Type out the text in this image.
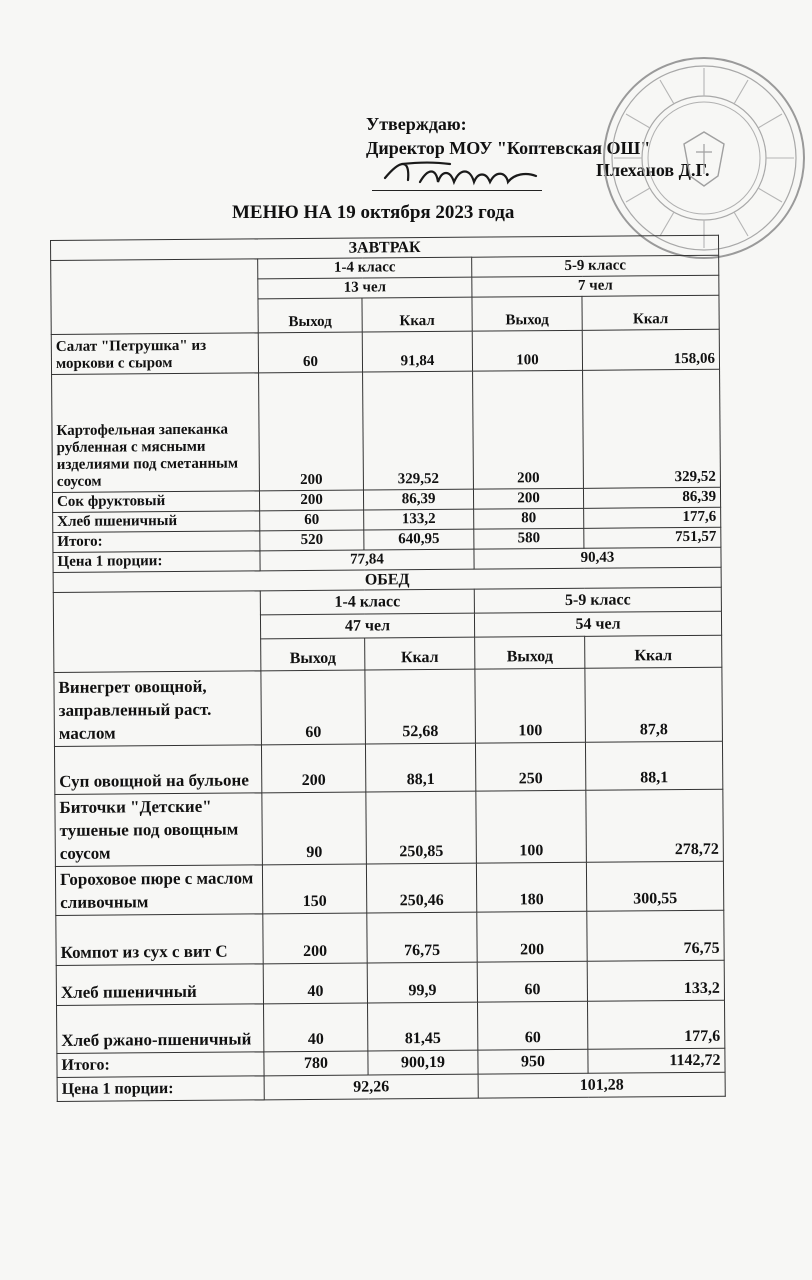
Утверждаю:
Директор МОУ "Коптевская ОШ"
Плеханов Д.Г.
МЕНЮ НА 19 октября 2023 года
ЗАВТРАК				
	1-4 класс		5-9 класс	
	13 чел		7 чел	
	Выход	Ккал	Выход	Ккал
Салат "Петрушка" из моркови с сыром	60	91,84	100	158,06
Картофельная запеканка рубленная с мясными изделиями под сметанным соусом	200	329,52	200	329,52
Сок фруктовый	200	86,39	200	86,39
Хлеб пшеничный	60	133,2	80	177,6
Итого:	520	640,95	580	751,57
Цена 1 порции:	77,84		90,43	
ОБЕД				
	1-4 класс		5-9 класс	
	47 чел		54 чел	
	Выход	Ккал	Выход	Ккал
Винегрет овощной, заправленный раст. маслом	60	52,68	100	87,8
Суп овощной на бульоне	200	88,1	250	88,1
Биточки "Детские" тушеные под овощным соусом	90	250,85	100	278,72
Гороховое пюре с маслом сливочным	150	250,46	180	300,55
Компот из сух с вит С	200	76,75	200	76,75
Хлеб пшеничный	40	99,9	60	133,2
Хлеб ржано-пшеничный	40	81,45	60	177,6
Итого:	780	900,19	950	1142,72
Цена 1 порции:	92,26		101,28	
